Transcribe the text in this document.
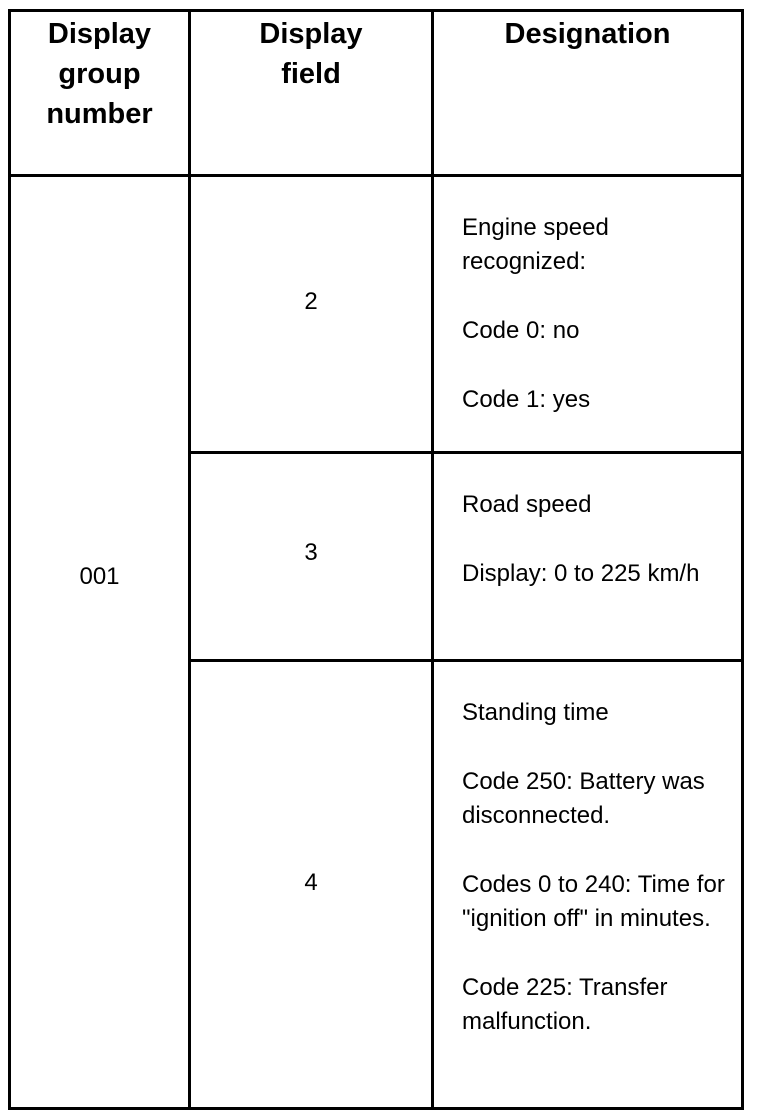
Display
group
number
Display
field
Designation
001
2

Engine speed recognized:

Code 0: no

Code 1: yes

3

Road speed

Display: 0 to 225 km/h

4

Standing time

Code 250: Battery was disconnected.

Codes 0 to 240: Time for "ignition off" in minutes.

Code 225: Transfer malfunction.
